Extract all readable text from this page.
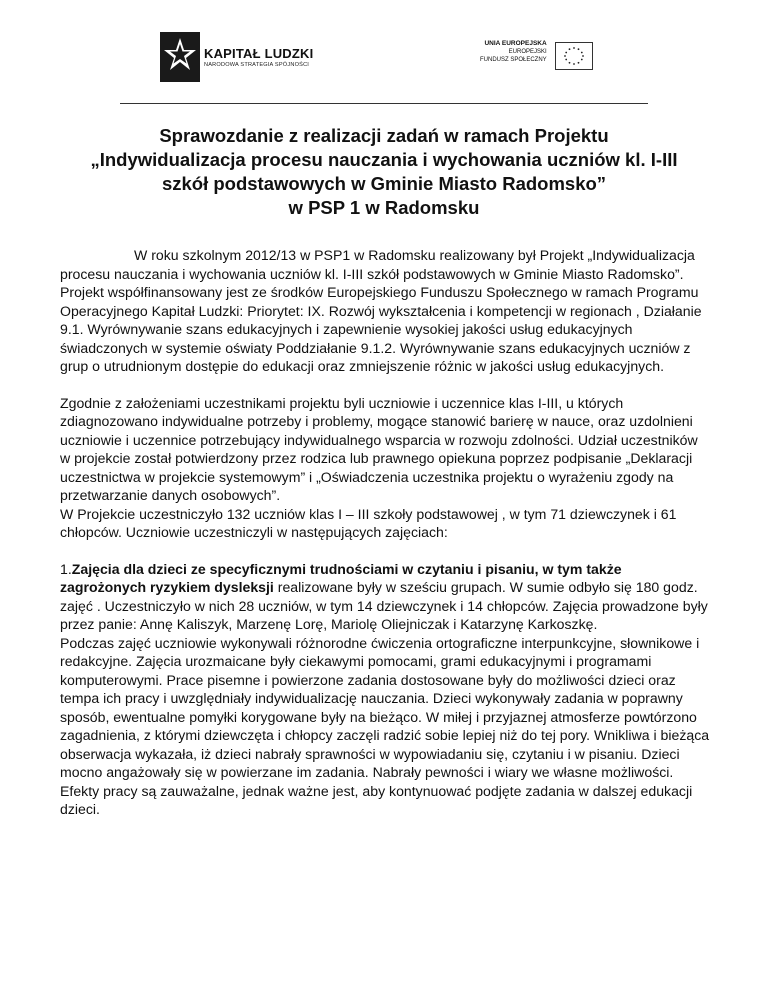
KAPITAŁ LUDZKI
NARODOWA STRATEGIA SPÓJNOŚCI
UNIA EUROPEJSKA
EUROPEJSKI
FUNDUSZ SPOŁECZNY
Sprawozdanie z realizacji zadań w ramach Projektu
„Indywidualizacja procesu nauczania i wychowania uczniów kl. I-III
szkół podstawowych w Gminie Miasto Radomsko”
w PSP 1 w Radomsku

W roku szkolnym 2012/13 w PSP1 w Radomsku realizowany był Projekt „Indywidualizacja procesu nauczania i wychowania uczniów kl. I-III szkół podstawowych w Gminie Miasto Radomsko”.

Projekt współfinansowany jest ze środków Europejskiego Funduszu Społecznego w ramach Programu Operacyjnego Kapitał Ludzki: Priorytet: IX. Rozwój wykształcenia i kompetencji w regionach , Działanie 9.1. Wyrównywanie szans edukacyjnych i zapewnienie wysokiej jakości usług edukacyjnych świadczonych w systemie oświaty Poddziałanie 9.1.2. Wyrównywanie szans edukacyjnych uczniów z grup o utrudnionym dostępie do edukacji oraz zmniejszenie różnic w jakości usług edukacyjnych.

Zgodnie z założeniami uczestnikami projektu byli uczniowie i uczennice klas I-III, u których zdiagnozowano indywidualne potrzeby i problemy, mogące stanowić barierę w nauce, oraz uzdolnieni uczniowie i uczennice potrzebujący indywidualnego wsparcia w rozwoju zdolności. Udział uczestników w projekcie został potwierdzony przez rodzica lub prawnego opiekuna poprzez podpisanie „Deklaracji uczestnictwa w projekcie systemowym” i „Oświadczenia uczestnika projektu o wyrażeniu zgody na przetwarzanie danych osobowych”.

W Projekcie uczestniczyło 132 uczniów klas I – III szkoły podstawowej , w tym 71 dziewczynek i 61 chłopców. Uczniowie uczestniczyli w następujących zajęciach:

1.Zajęcia dla dzieci ze specyficznymi trudnościami w czytaniu i pisaniu, w tym także zagrożonych ryzykiem dysleksji realizowane były w sześciu grupach. W sumie odbyło się 180 godz. zajęć . Uczestniczyło w nich 28 uczniów, w tym 14 dziewczynek i 14 chłopców. Zajęcia prowadzone były przez panie: Annę Kaliszyk, Marzenę Lorę, Mariolę Oliejniczak i Katarzynę Karkoszkę.

Podczas zajęć uczniowie wykonywali różnorodne ćwiczenia ortograficzne interpunkcyjne, słownikowe i redakcyjne. Zajęcia urozmaicane były ciekawymi pomocami, grami edukacyjnymi i programami komputerowymi. Prace pisemne i powierzone zadania dostosowane były do możliwości dzieci oraz tempa ich pracy i uwzględniały indywidualizację nauczania. Dzieci wykonywały zadania w poprawny sposób, ewentualne pomyłki korygowane były na bieżąco. W miłej i przyjaznej atmosferze powtórzono zagadnienia, z którymi dziewczęta i chłopcy zaczęli radzić sobie lepiej niż do tej pory. Wnikliwa i bieżąca obserwacja wykazała, iż dzieci nabrały sprawności w wypowiadaniu się, czytaniu i w pisaniu. Dzieci mocno angażowały się w powierzane im zadania. Nabrały pewności i wiary we własne możliwości.

Efekty pracy są zauważalne, jednak ważne jest, aby kontynuować podjęte zadania w dalszej edukacji dzieci.
